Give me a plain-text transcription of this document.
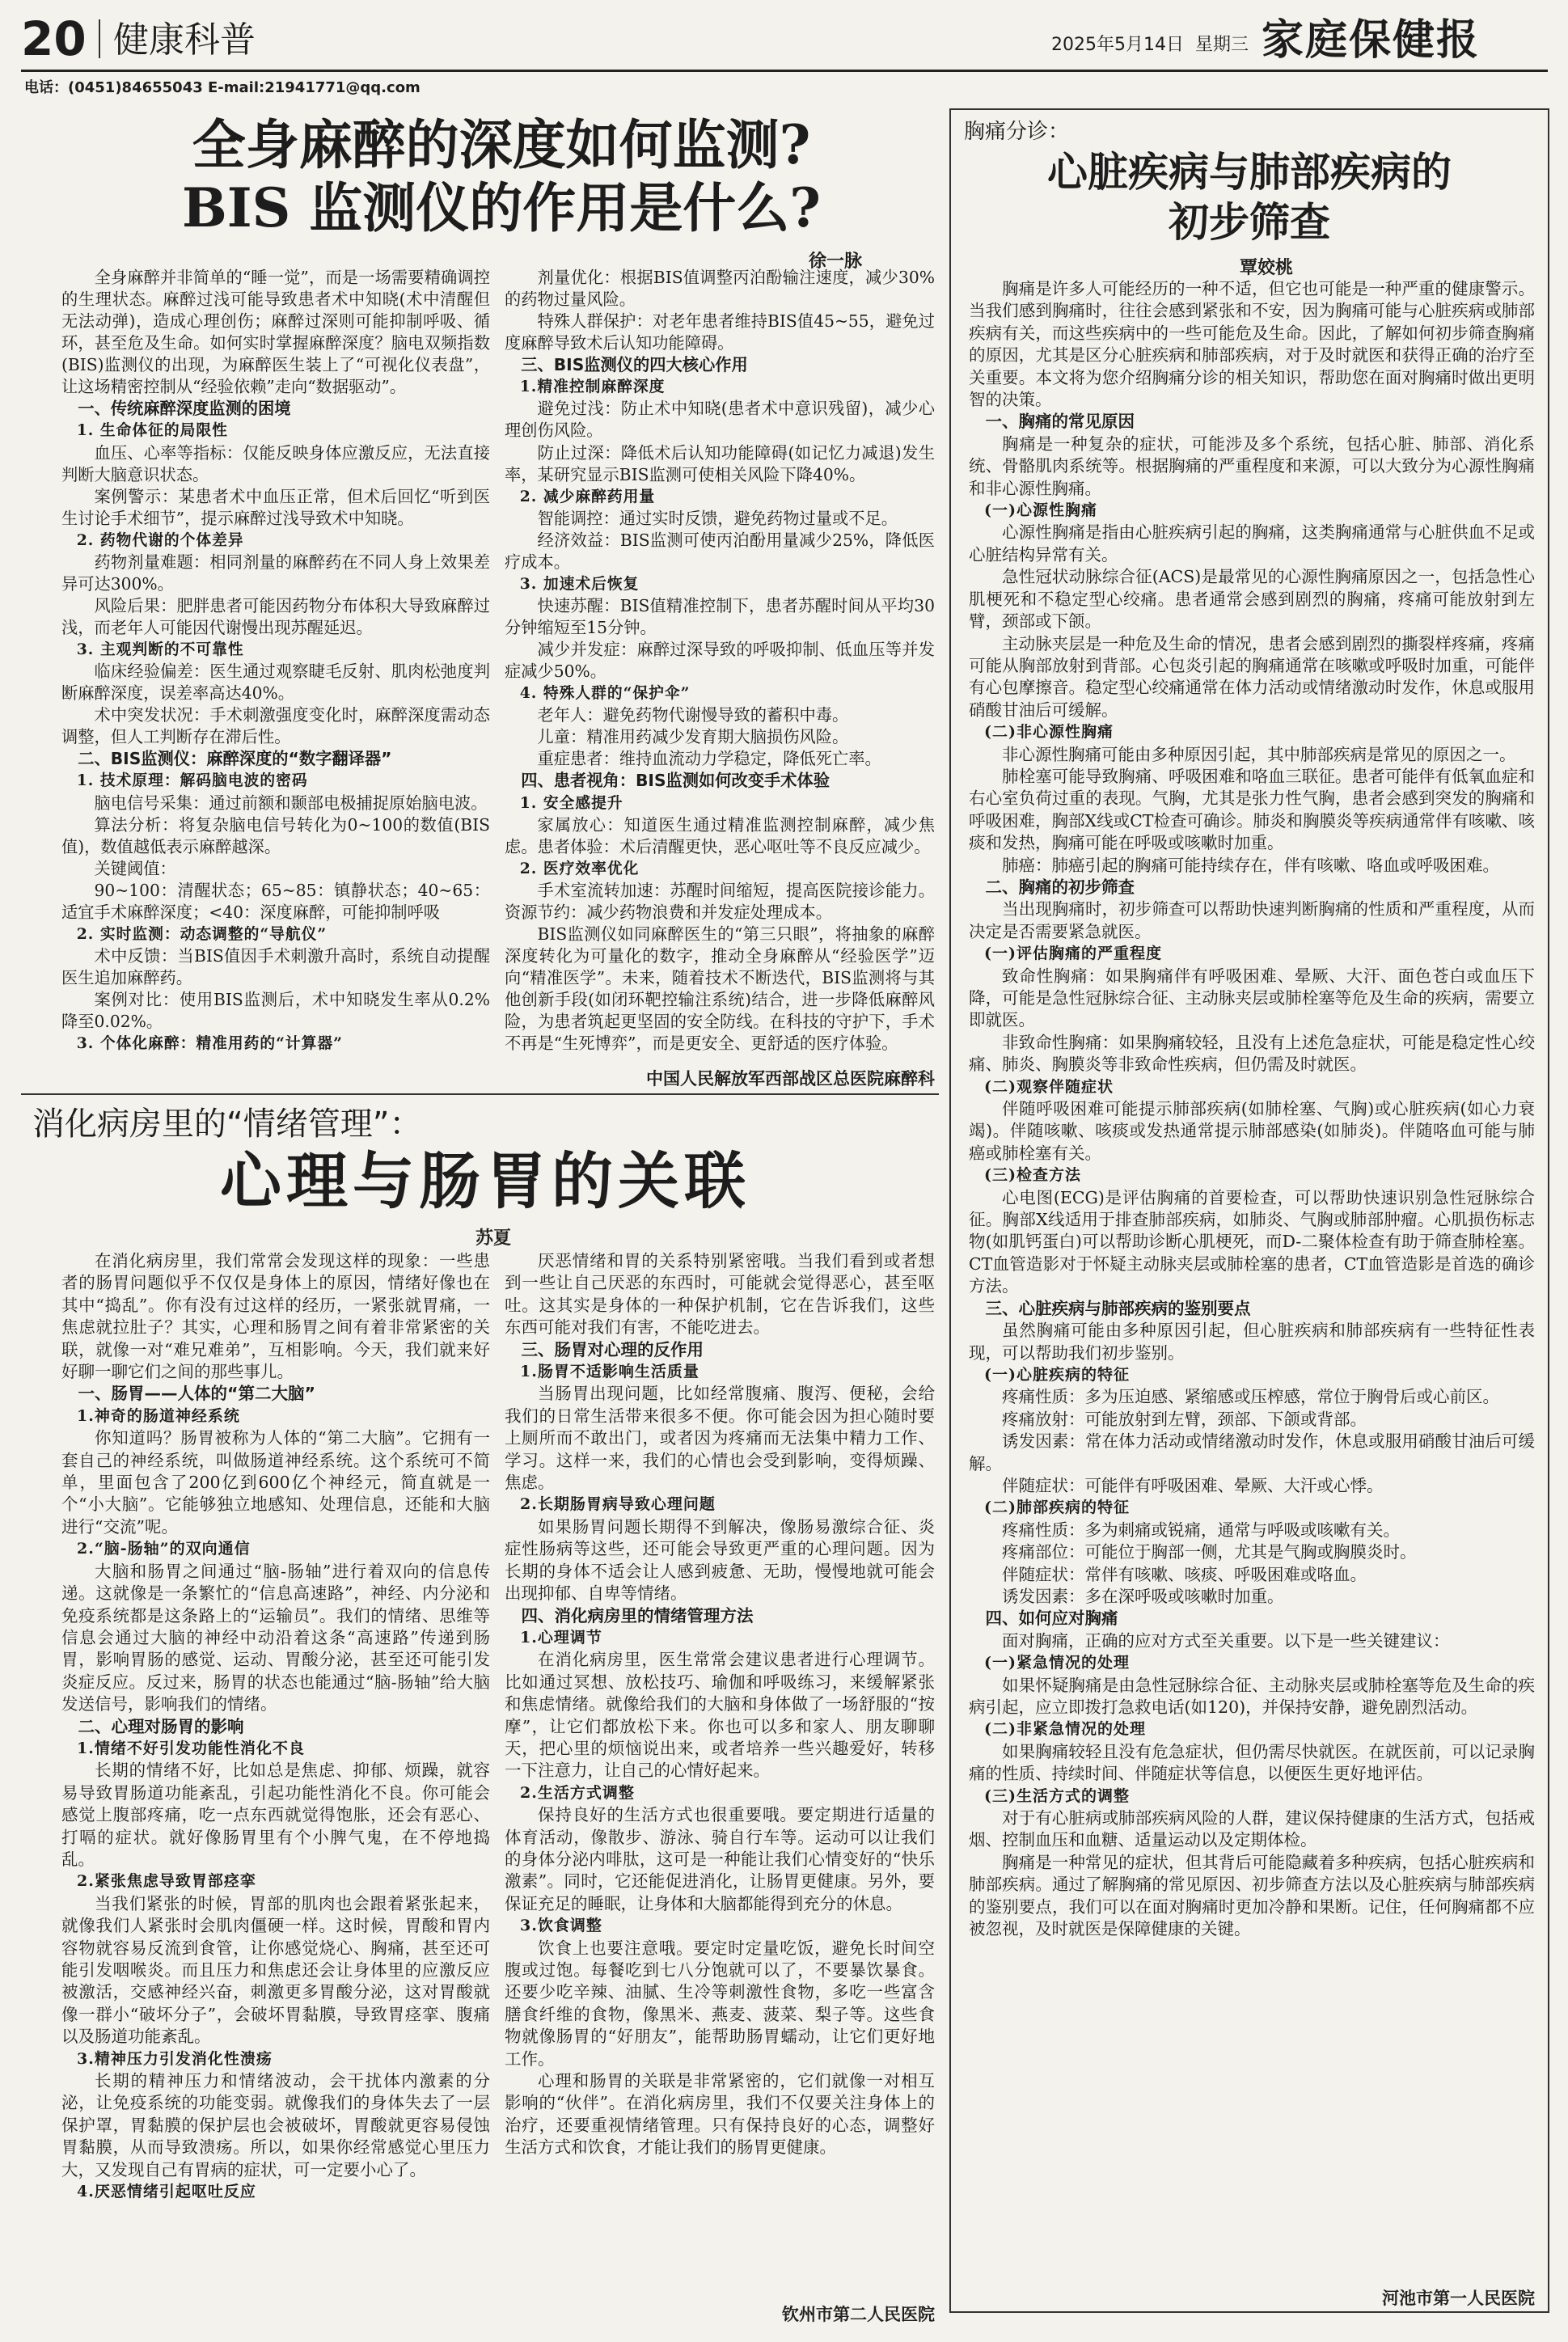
20 健康科普	2025年5月14日 星期三 家庭保健报
电话：(0451)84655043 E-mail:21941771@qq.com
全身麻醉的深度如何监测?
BIS 监测仪的作用是什么?
徐一脉
全身麻醉并非简单的“睡一觉”，而是一场需要精确调控的生理状态。麻醉过浅可能导致患者术中知晓(术中清醒但无法动弹)，造成心理创伤；麻醉过深则可能抑制呼吸、循环，甚至危及生命。如何实时掌握麻醉深度？脑电双频指数(BIS)监测仪的出现，为麻醉医生装上了“可视化仪表盘”，让这场精密控制从“经验依赖”走向“数据驱动”。
一、传统麻醉深度监测的困境
1. 生命体征的局限性
血压、心率等指标：仅能反映身体应激反应，无法直接判断大脑意识状态。
案例警示：某患者术中血压正常，但术后回忆“听到医生讨论手术细节”，提示麻醉过浅导致术中知晓。
2. 药物代谢的个体差异
药物剂量难题：相同剂量的麻醉药在不同人身上效果差异可达300%。
风险后果：肥胖患者可能因药物分布体积大导致麻醉过浅，而老年人可能因代谢慢出现苏醒延迟。
3. 主观判断的不可靠性
临床经验偏差：医生通过观察睫毛反射、肌肉松弛度判断麻醉深度，误差率高达40%。
术中突发状况：手术刺激强度变化时，麻醉深度需动态调整，但人工判断存在滞后性。
二、BIS监测仪：麻醉深度的“数字翻译器”
1. 技术原理：解码脑电波的密码
脑电信号采集：通过前额和颞部电极捕捉原始脑电波。
算法分析：将复杂脑电信号转化为0~100的数值(BIS值)，数值越低表示麻醉越深。
关键阈值：
90~100：清醒状态；65~85：镇静状态；40~65：适宜手术麻醉深度；<40：深度麻醉，可能抑制呼吸
2. 实时监测：动态调整的“导航仪”
术中反馈：当BIS值因手术刺激升高时，系统自动提醒医生追加麻醉药。
案例对比：使用BIS监测后，术中知晓发生率从0.2%降至0.02%。
3. 个体化麻醉：精准用药的“计算器”
剂量优化：根据BIS值调整丙泊酚输注速度，减少30%的药物过量风险。
特殊人群保护：对老年患者维持BIS值45~55，避免过度麻醉导致术后认知功能障碍。
三、BIS监测仪的四大核心作用
1.精准控制麻醉深度
避免过浅：防止术中知晓(患者术中意识残留)，减少心理创伤风险。
防止过深：降低术后认知功能障碍(如记忆力减退)发生率，某研究显示BIS监测可使相关风险下降40%。
2. 减少麻醉药用量
智能调控：通过实时反馈，避免药物过量或不足。
经济效益：BIS监测可使丙泊酚用量减少25%，降低医疗成本。
3. 加速术后恢复
快速苏醒：BIS值精准控制下，患者苏醒时间从平均30分钟缩短至15分钟。
减少并发症：麻醉过深导致的呼吸抑制、低血压等并发症减少50%。
4. 特殊人群的“保护伞”
老年人：避免药物代谢慢导致的蓄积中毒。
儿童：精准用药减少发育期大脑损伤风险。
重症患者：维持血流动力学稳定，降低死亡率。
四、患者视角：BIS监测如何改变手术体验
1. 安全感提升
家属放心：知道医生通过精准监测控制麻醉，减少焦虑。患者体验：术后清醒更快，恶心呕吐等不良反应减少。
2. 医疗效率优化
手术室流转加速：苏醒时间缩短，提高医院接诊能力。资源节约：减少药物浪费和并发症处理成本。
BIS监测仪如同麻醉医生的“第三只眼”，将抽象的麻醉深度转化为可量化的数字，推动全身麻醉从“经验医学”迈向“精准医学”。未来，随着技术不断迭代，BIS监测将与其他创新手段(如闭环靶控输注系统)结合，进一步降低麻醉风险，为患者筑起更坚固的安全防线。在科技的守护下，手术不再是“生死博弈”，而是更安全、更舒适的医疗体验。
中国人民解放军西部战区总医院麻醉科
消化病房里的“情绪管理”：
心理与肠胃的关联
苏夏
在消化病房里，我们常常会发现这样的现象：一些患者的肠胃问题似乎不仅仅是身体上的原因，情绪好像也在其中“捣乱”。你有没有过这样的经历，一紧张就胃痛，一焦虑就拉肚子？其实，心理和肠胃之间有着非常紧密的关联，就像一对“难兄难弟”，互相影响。今天，我们就来好好聊一聊它们之间的那些事儿。
一、肠胃——人体的“第二大脑”
1.神奇的肠道神经系统
你知道吗？肠胃被称为人体的“第二大脑”。它拥有一套自己的神经系统，叫做肠道神经系统。这个系统可不简单，里面包含了200亿到600亿个神经元，简直就是一个“小大脑”。它能够独立地感知、处理信息，还能和大脑进行“交流”呢。
2.“脑-肠轴”的双向通信
大脑和肠胃之间通过“脑-肠轴”进行着双向的信息传递。这就像是一条繁忙的“信息高速路”，神经、内分泌和免疫系统都是这条路上的“运输员”。我们的情绪、思维等信息会通过大脑的神经中动沿着这条“高速路”传递到肠胃，影响胃肠的感觉、运动、胃酸分泌，甚至还可能引发炎症反应。反过来，肠胃的状态也能通过“脑-肠轴”给大脑发送信号，影响我们的情绪。
二、心理对肠胃的影响
1.情绪不好引发功能性消化不良
长期的情绪不好，比如总是焦虑、抑郁、烦躁，就容易导致胃肠道功能紊乱，引起功能性消化不良。你可能会感觉上腹部疼痛，吃一点东西就觉得饱胀，还会有恶心、打嗝的症状。就好像肠胃里有个小脾气鬼，在不停地捣乱。
2.紧张焦虑导致胃部痉挛
当我们紧张的时候，胃部的肌肉也会跟着紧张起来，就像我们人紧张时会肌肉僵硬一样。这时候，胃酸和胃内容物就容易反流到食管，让你感觉烧心、胸痛，甚至还可能引发咽喉炎。而且压力和焦虑还会让身体里的应激反应被激活，交感神经兴奋，刺激更多胃酸分泌，这对胃酸就像一群小“破坏分子”，会破坏胃黏膜，导致胃痉挛、腹痛以及肠道功能紊乱。
3.精神压力引发消化性溃疡
长期的精神压力和情绪波动，会干扰体内激素的分泌，让免疫系统的功能变弱。就像我们的身体失去了一层保护罩，胃黏膜的保护层也会被破坏，胃酸就更容易侵蚀胃黏膜，从而导致溃疡。所以，如果你经常感觉心里压力大，又发现自己有胃病的症状，可一定要小心了。
4.厌恶情绪引起呕吐反应
厌恶情绪和胃的关系特别紧密哦。当我们看到或者想到一些让自己厌恶的东西时，可能就会觉得恶心，甚至呕吐。这其实是身体的一种保护机制，它在告诉我们，这些东西可能对我们有害，不能吃进去。
三、肠胃对心理的反作用
1.肠胃不适影响生活质量
当肠胃出现问题，比如经常腹痛、腹泻、便秘，会给我们的日常生活带来很多不便。你可能会因为担心随时要上厕所而不敢出门，或者因为疼痛而无法集中精力工作、学习。这样一来，我们的心情也会受到影响，变得烦躁、焦虑。
2.长期肠胃病导致心理问题
如果肠胃问题长期得不到解决，像肠易激综合征、炎症性肠病等这些，还可能会导致更严重的心理问题。因为长期的身体不适会让人感到疲惫、无助，慢慢地就可能会出现抑郁、自卑等情绪。
四、消化病房里的情绪管理方法
1.心理调节
在消化病房里，医生常常会建议患者进行心理调节。比如通过冥想、放松技巧、瑜伽和呼吸练习，来缓解紧张和焦虑情绪。就像给我们的大脑和身体做了一场舒服的“按摩”，让它们都放松下来。你也可以多和家人、朋友聊聊天，把心里的烦恼说出来，或者培养一些兴趣爱好，转移一下注意力，让自己的心情好起来。
2.生活方式调整
保持良好的生活方式也很重要哦。要定期进行适量的体育活动，像散步、游泳、骑自行车等。运动可以让我们的身体分泌内啡肽，这可是一种能让我们心情变好的“快乐激素”。同时，它还能促进消化，让肠胃更健康。另外，要保证充足的睡眠，让身体和大脑都能得到充分的休息。
3.饮食调整
饮食上也要注意哦。要定时定量吃饭，避免长时间空腹或过饱。每餐吃到七八分饱就可以了，不要暴饮暴食。还要少吃辛辣、油腻、生冷等刺激性食物，多吃一些富含膳食纤维的食物，像黑米、燕麦、菠菜、梨子等。这些食物就像肠胃的“好朋友”，能帮助肠胃蠕动，让它们更好地工作。
心理和肠胃的关联是非常紧密的，它们就像一对相互影响的“伙伴”。在消化病房里，我们不仅要关注身体上的治疗，还要重视情绪管理。只有保持良好的心态，调整好生活方式和饮食，才能让我们的肠胃更健康。
钦州市第二人民医院
胸痛分诊：
心脏疾病与肺部疾病的
初步筛查
覃姣桃
胸痛是许多人可能经历的一种不适，但它也可能是一种严重的健康警示。当我们感到胸痛时，往往会感到紧张和不安，因为胸痛可能与心脏疾病或肺部疾病有关，而这些疾病中的一些可能危及生命。因此，了解如何初步筛查胸痛的原因，尤其是区分心脏疾病和肺部疾病，对于及时就医和获得正确的治疗至关重要。本文将为您介绍胸痛分诊的相关知识，帮助您在面对胸痛时做出更明智的决策。
一、胸痛的常见原因
胸痛是一种复杂的症状，可能涉及多个系统，包括心脏、肺部、消化系统、骨骼肌肉系统等。根据胸痛的严重程度和来源，可以大致分为心源性胸痛和非心源性胸痛。
(一)心源性胸痛
心源性胸痛是指由心脏疾病引起的胸痛，这类胸痛通常与心脏供血不足或心脏结构异常有关。
急性冠状动脉综合征(ACS)是最常见的心源性胸痛原因之一，包括急性心肌梗死和不稳定型心绞痛。患者通常会感到剧烈的胸痛，疼痛可能放射到左臂，颈部或下颌。
主动脉夹层是一种危及生命的情况，患者会感到剧烈的撕裂样疼痛，疼痛可能从胸部放射到背部。心包炎引起的胸痛通常在咳嗽或呼吸时加重，可能伴有心包摩擦音。稳定型心绞痛通常在体力活动或情绪激动时发作，休息或服用硝酸甘油后可缓解。
(二)非心源性胸痛
非心源性胸痛可能由多种原因引起，其中肺部疾病是常见的原因之一。
肺栓塞可能导致胸痛、呼吸困难和咯血三联征。患者可能伴有低氧血症和右心室负荷过重的表现。气胸，尤其是张力性气胸，患者会感到突发的胸痛和呼吸困难，胸部X线或CT检查可确诊。肺炎和胸膜炎等疾病通常伴有咳嗽、咳痰和发热，胸痛可能在呼吸或咳嗽时加重。
肺癌：肺癌引起的胸痛可能持续存在，伴有咳嗽、咯血或呼吸困难。
二、胸痛的初步筛查
当出现胸痛时，初步筛查可以帮助快速判断胸痛的性质和严重程度，从而决定是否需要紧急就医。
(一)评估胸痛的严重程度
致命性胸痛：如果胸痛伴有呼吸困难、晕厥、大汗、面色苍白或血压下降，可能是急性冠脉综合征、主动脉夹层或肺栓塞等危及生命的疾病，需要立即就医。
非致命性胸痛：如果胸痛较轻，且没有上述危急症状，可能是稳定性心绞痛、肺炎、胸膜炎等非致命性疾病，但仍需及时就医。
(二)观察伴随症状
伴随呼吸困难可能提示肺部疾病(如肺栓塞、气胸)或心脏疾病(如心力衰竭)。伴随咳嗽、咳痰或发热通常提示肺部感染(如肺炎)。伴随咯血可能与肺癌或肺栓塞有关。
(三)检查方法
心电图(ECG)是评估胸痛的首要检查，可以帮助快速识别急性冠脉综合征。胸部X线适用于排查肺部疾病，如肺炎、气胸或肺部肿瘤。心肌损伤标志物(如肌钙蛋白)可以帮助诊断心肌梗死，而D-二聚体检查有助于筛查肺栓塞。CT血管造影对于怀疑主动脉夹层或肺栓塞的患者，CT血管造影是首选的确诊方法。
三、心脏疾病与肺部疾病的鉴别要点
虽然胸痛可能由多种原因引起，但心脏疾病和肺部疾病有一些特征性表现，可以帮助我们初步鉴别。
(一)心脏疾病的特征
疼痛性质：多为压迫感、紧缩感或压榨感，常位于胸骨后或心前区。
疼痛放射：可能放射到左臂，颈部、下颌或背部。
诱发因素：常在体力活动或情绪激动时发作，休息或服用硝酸甘油后可缓解。
伴随症状：可能伴有呼吸困难、晕厥、大汗或心悸。
(二)肺部疾病的特征
疼痛性质：多为刺痛或锐痛，通常与呼吸或咳嗽有关。
疼痛部位：可能位于胸部一侧，尤其是气胸或胸膜炎时。
伴随症状：常伴有咳嗽、咳痰、呼吸困难或咯血。
诱发因素：多在深呼吸或咳嗽时加重。
四、如何应对胸痛
面对胸痛，正确的应对方式至关重要。以下是一些关键建议：
(一)紧急情况的处理
如果怀疑胸痛是由急性冠脉综合征、主动脉夹层或肺栓塞等危及生命的疾病引起，应立即拨打急救电话(如120)，并保持安静，避免剧烈活动。
(二)非紧急情况的处理
如果胸痛较轻且没有危急症状，但仍需尽快就医。在就医前，可以记录胸痛的性质、持续时间、伴随症状等信息，以便医生更好地评估。
(三)生活方式的调整
对于有心脏病或肺部疾病风险的人群，建议保持健康的生活方式，包括戒烟、控制血压和血糖、适量运动以及定期体检。
胸痛是一种常见的症状，但其背后可能隐藏着多种疾病，包括心脏疾病和肺部疾病。通过了解胸痛的常见原因、初步筛查方法以及心脏疾病与肺部疾病的鉴别要点，我们可以在面对胸痛时更加冷静和果断。记住，任何胸痛都不应被忽视，及时就医是保障健康的关键。
河池市第一人民医院
